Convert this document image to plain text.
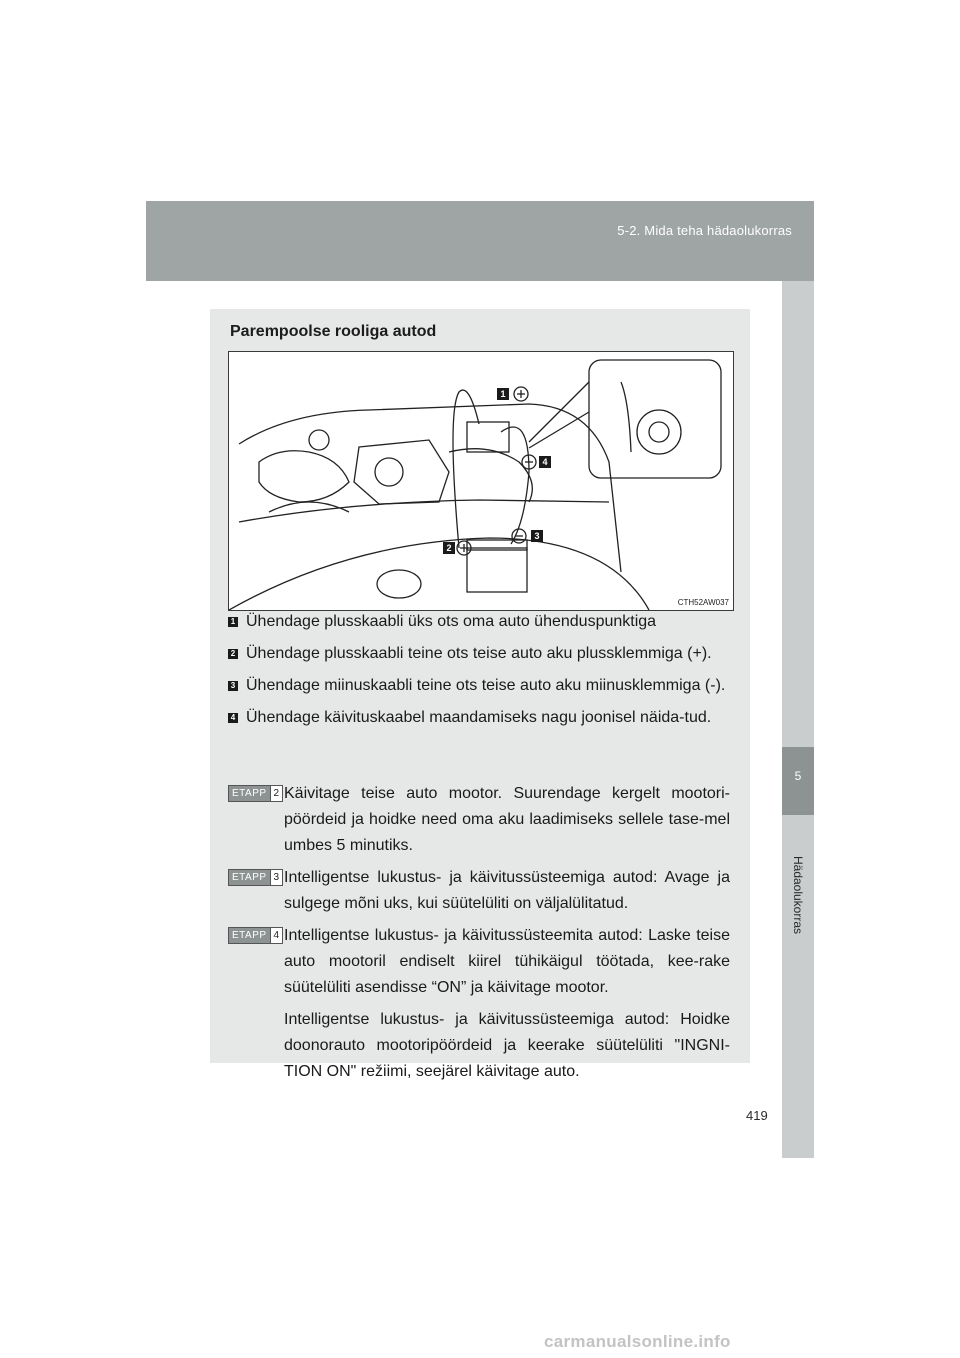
5-2. Mida teha hädaolukorras
5
Hädaolukorras
Parempoolse rooliga autod
1
2
3
4
CTH52AW037
1 Ühendage plusskaabli üks ots oma auto ühenduspunktiga
2 Ühendage plusskaabli teine ots teise auto aku plussklemmiga (+).
3 Ühendage miinuskaabli teine ots teise auto aku miinusklemmiga (-).
4 Ühendage käivituskaabel maandamiseks nagu joonisel näida-tud.
ETAPP 2 Käivitage teise auto mootor. Suurendage kergelt mootori-pöördeid ja hoidke need oma aku laadimiseks sellele tase-mel umbes 5 minutiks.
ETAPP 3 Intelligentse lukustus- ja käivitussüsteemiga autod: Avage ja sulgege mõni uks, kui süütelüliti on väljalülitatud.
ETAPP 4 Intelligentse lukustus- ja käivitussüsteemita autod: Laske teise auto mootoril endiselt kiirel tühikäigul töötada, kee-rake süütelüliti asendisse “ON” ja käivitage mootor.
Intelligentse lukustus- ja käivitussüsteemiga autod: Hoidke doonorauto mootoripöördeid ja keerake süütelüliti "INGNI-TION ON" režiimi, seejärel käivitage auto.
419
carmanualsonline.info
